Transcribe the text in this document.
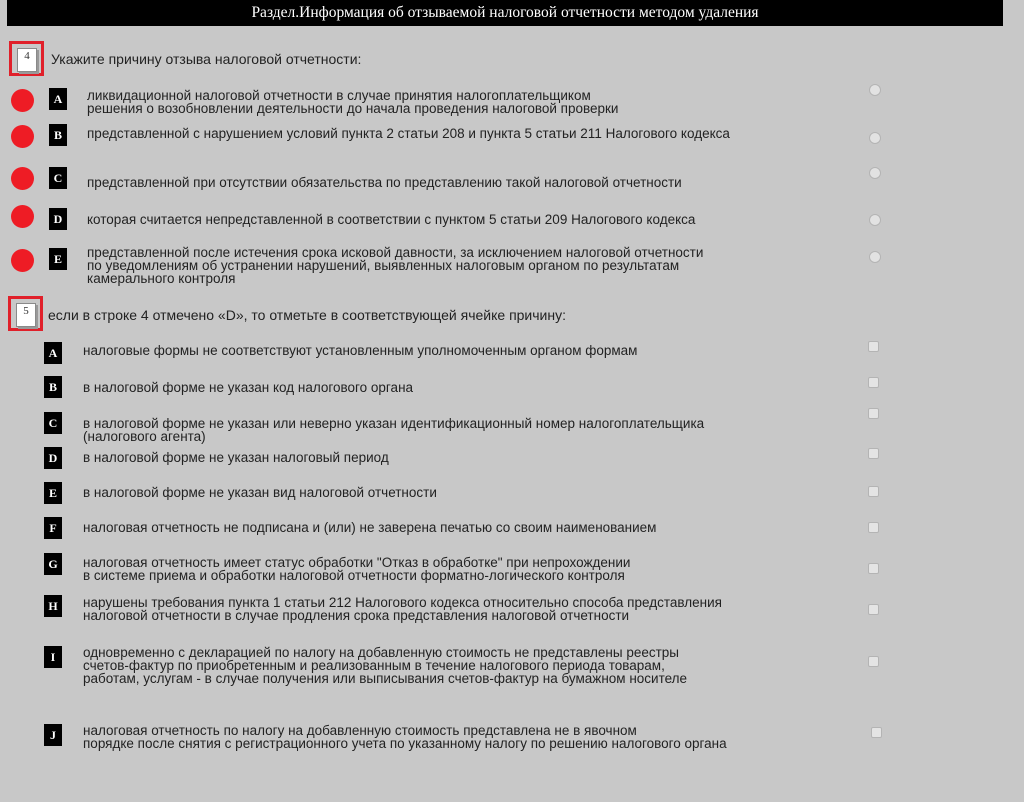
Раздел.Информация об отзываемой налоговой отчетности методом удаления
4	Укажите причину отзыва налоговой отчетности:
A	ликвидационной налоговой отчетности в случае принятия налогоплательщиком
решения о возобновлении деятельности до начала проведения налоговой проверки
B	представленной с нарушением условий пункта 2 статьи 208 и пункта 5 статьи 211 Налогового кодекса
C	представленной при отсутствии обязательства по представлению такой налоговой отчетности
D	которая считается непредставленной в соответствии с пунктом 5 статьи 209 Налогового кодекса
E	представленной после истечения срока исковой давности, за исключением налоговой отчетности
по уведомлениям об устранении нарушений, выявленных налоговым органом по результатам
камерального контроля
5	если в строке 4 отмечено «D», то отметьте в соответствующей ячейке причину:
A	налоговые формы не соответствуют установленным уполномоченным органом формам
B	в налоговой форме не указан код налогового органа
C	в налоговой форме не указан или неверно указан идентификационный номер налогоплательщика
(налогового агента)
D	в налоговой форме не указан налоговый период
E	в налоговой форме не указан вид налоговой отчетности
F	налоговая отчетность не подписана и (или) не заверена печатью со своим наименованием
G	налоговая отчетность имеет статус обработки "Отказ в обработке" при непрохождении
в системе приема и обработки налоговой отчетности форматно-логического контроля
H	нарушены требования пункта 1 статьи 212 Налогового кодекса относительно способа представления
налоговой отчетности в случае продления срока представления налоговой отчетности
I	одновременно с декларацией по налогу на добавленную стоимость не представлены реестры
счетов-фактур по приобретенным и реализованным в течение налогового периода товарам,
работам, услугам - в случае получения или выписывания счетов-фактур на бумажном носителе
J	налоговая отчетность по налогу на добавленную стоимость представлена не в явочном
порядке после снятия с регистрационного учета по указанному налогу по решению налогового органа
